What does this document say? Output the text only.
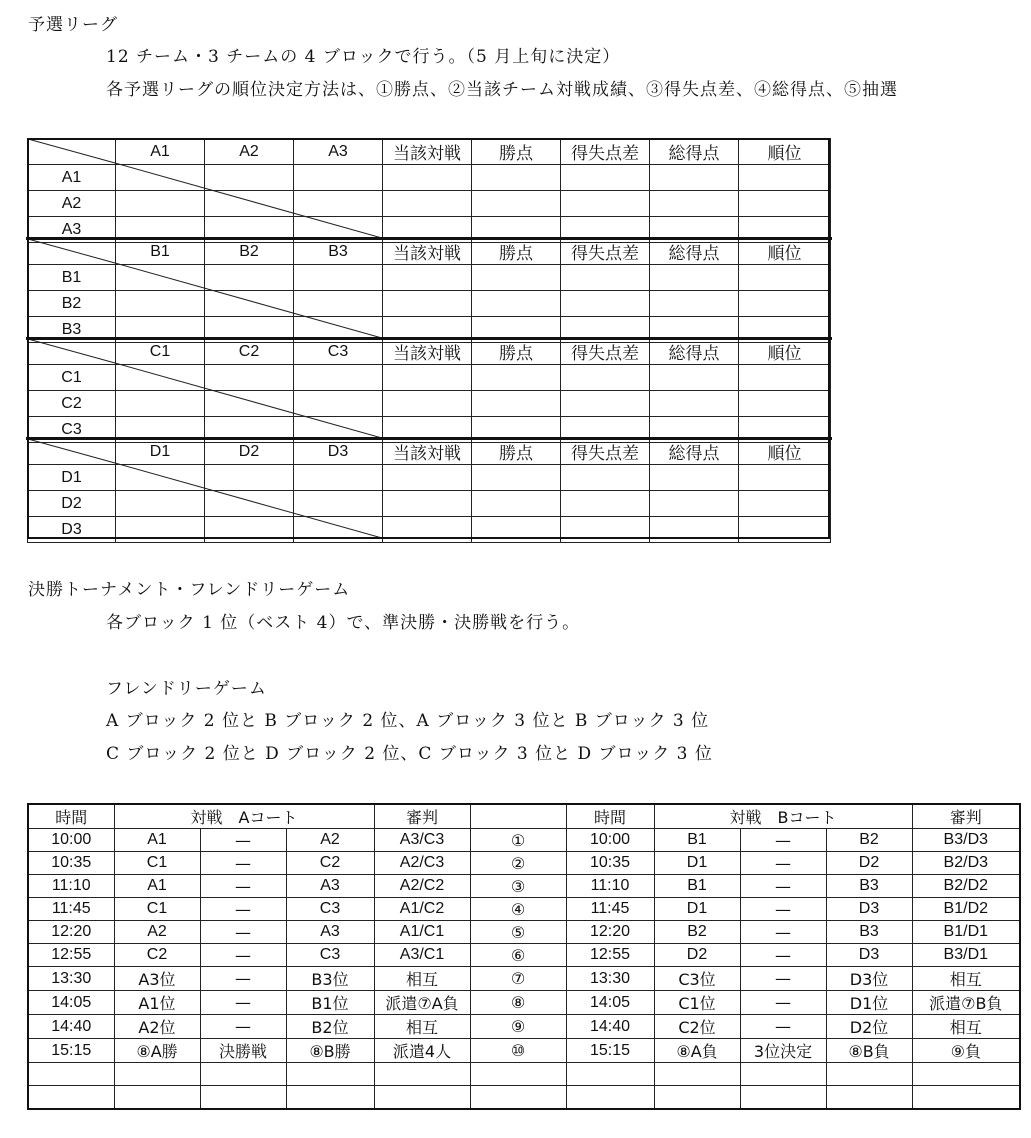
予選リーグ
12 チーム・3 チームの 4 ブロックで行う。（5 月上旬に決定）
各予選リーグの順位決定方法は、①勝点、②当該チーム対戦成績、③得失点差、④総得点、⑤抽選
	A1	A2	A3	当該対戦	勝点	得失点差	総得点	順位
A1								
A2								
A3								
	B1	B2	B3	当該対戦	勝点	得失点差	総得点	順位
B1								
B2								
B3								
	C1	C2	C3	当該対戦	勝点	得失点差	総得点	順位
C1								
C2								
C3								
	D1	D2	D3	当該対戦	勝点	得失点差	総得点	順位
D1								
D2								
D3								
決勝トーナメント・フレンドリーゲーム
各ブロック 1 位（ベスト 4）で、準決勝・決勝戦を行う。
フレンドリーゲーム
A ブロック 2 位と B ブロック 2 位、A ブロック 3 位と B ブロック 3 位
C ブロック 2 位と D ブロック 2 位、C ブロック 3 位と D ブロック 3 位
時間	対戦　Aコート			審判		時間	対戦　Bコート			審判
10:00	A1	—	A2	A3/C3	①	10:00	B1	—	B2	B3/D3
10:35	C1	—	C2	A2/C3	②	10:35	D1	—	D2	B2/D3
11:10	A1	—	A3	A2/C2	③	11:10	B1	—	B3	B2/D2
11:45	C1	—	C3	A1/C2	④	11:45	D1	—	D3	B1/D2
12:20	A2	—	A3	A1/C1	⑤	12:20	B2	—	B3	B1/D1
12:55	C2	—	C3	A3/C1	⑥	12:55	D2	—	D3	B3/D1
13:30	A3位	—	B3位	相互	⑦	13:30	C3位	—	D3位	相互
14:05	A1位	—	B1位	派遣⑦A負	⑧	14:05	C1位	—	D1位	派遣⑦B負
14:40	A2位	—	B2位	相互	⑨	14:40	C2位	—	D2位	相互
15:15	⑧A勝	決勝戦	⑧B勝	派遣4人	⑩	15:15	⑧A負	3位決定	⑧B負	⑨負
